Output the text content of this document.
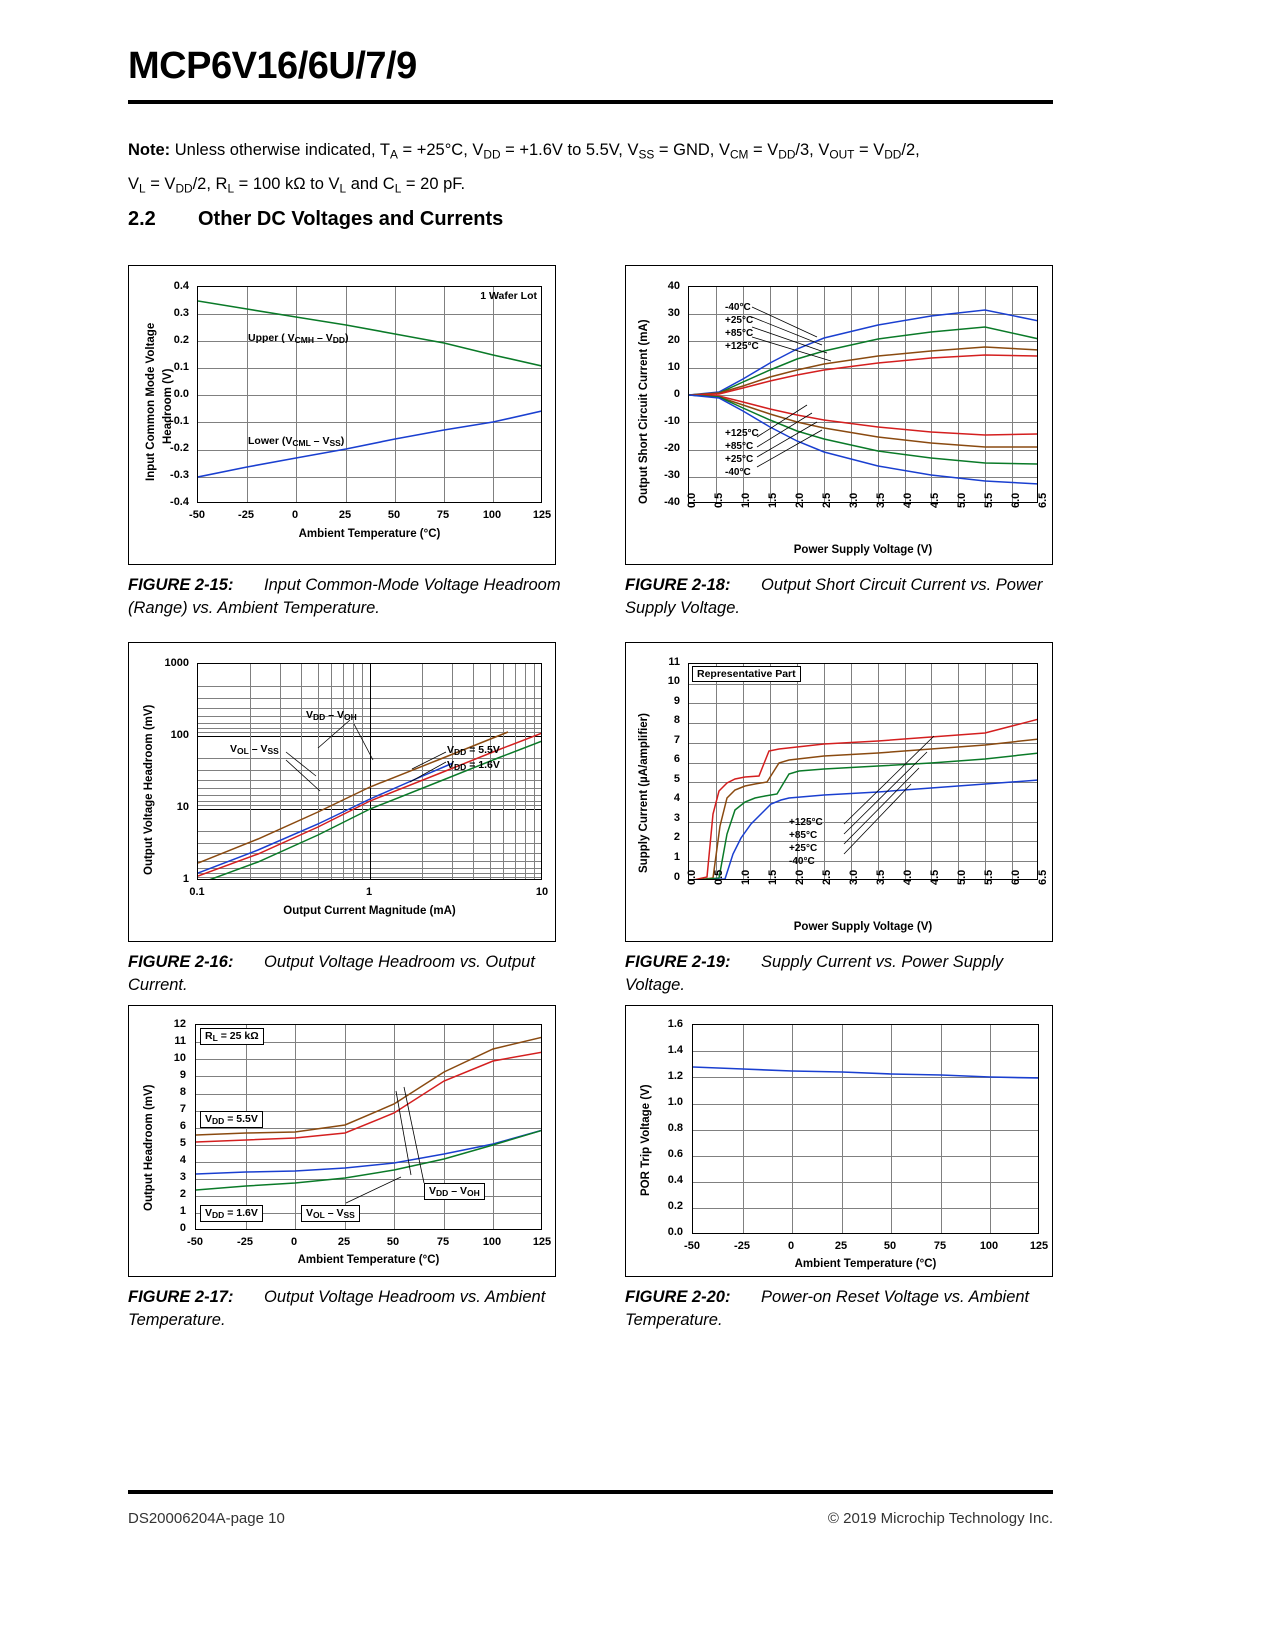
MCP6V16/6U/7/9
Note: Unless otherwise indicated, $T_A = +25^\circ C$, $V_{DD} = +1.6V$ to 5.5V, $V_{SS}$ = GND, $V_{CM} = V_{DD}/3$, $V_{OUT} = V_{DD}/2$,
$V_L = V_{DD}/2$, $R_L = 100$ kΩ to $V_L$ and $C_L = 20$ pF.
2.2 Other DC Voltages and Currents
0.4
0.3
0.2
0.1
0.0
-0.1
-0.2
-0.3
-0.4
Input Common Mode Voltage Headroom (V)
1 Wafer Lot
Upper ( $V_{CMH} - V_{DD}$)
Lower $(V_{CML} - V_{SS})$
-50	-25	0	25	50	75	100	125
Ambient Temperature (°C)
FIGURE 2-15: Input Common-Mode Voltage Headroom (Range) vs. Ambient Temperature.
40
30
20
10
0
-10
-20
-30
-40
Output Short Circuit Current (mA)
-40°C
+25°C
+85°C
+125°C
+125°C
+85°C
+25°C
-40°C
0.0 0.5 1.0 1.5 2.0 2.5 3.0 3.5 4.0 4.5 5.0 5.5 6.0 6.5
Power Supply Voltage (V)
FIGURE 2-18: Output Short Circuit Current vs. Power Supply Voltage.
1000
100
10
1
Output Voltage Headroom (mV)	$V_{DD} - V_{OH}$
$V_{OL} - V_{SS}$	$V_{DD} = 5.5V$
$V_{DD} = 1.6V$
0.1	1	10
Output Current Magnitude (mA)
FIGURE 2-16: Output Voltage Headroom vs. Output Current.
11
10
9
8
7
6
5
4
3
2
1
0
Supply Current (µA/amplifier)
Representative Part
+125°C
+85°C
+25°C
-40°C
0.0 0.5 1.0 1.5 2.0 2.5 3.0 3.5 4.0 4.5 5.0 5.5 6.0 6.5
Power Supply Voltage (V)
FIGURE 2-19: Supply Current vs. Power Supply Voltage.
12
11
10
9
8
7
6
5
4
3
2
1
0
Output Headroom (mV)
$R_L = 25$ kΩ
$V_{DD} = 5.5V$
$V_{DD} = 1.6V$	$V_{OL} - V_{SS}$
$V_{DD} - V_{OH}$
-50	-25	0	25	50	75	100	125
Ambient Temperature (°C)
FIGURE 2-17: Output Voltage Headroom vs. Ambient Temperature.
1.6
1.4
1.2
1.0
0.8
0.6
0.4
0.2
0.0
POR Trip Voltage (V)
-50	-25	0	25	50	75	100	125
Ambient Temperature (°C)
FIGURE 2-20: Power-on Reset Voltage vs. Ambient Temperature.
DS20006204A-page 10	© 2019 Microchip Technology Inc.
